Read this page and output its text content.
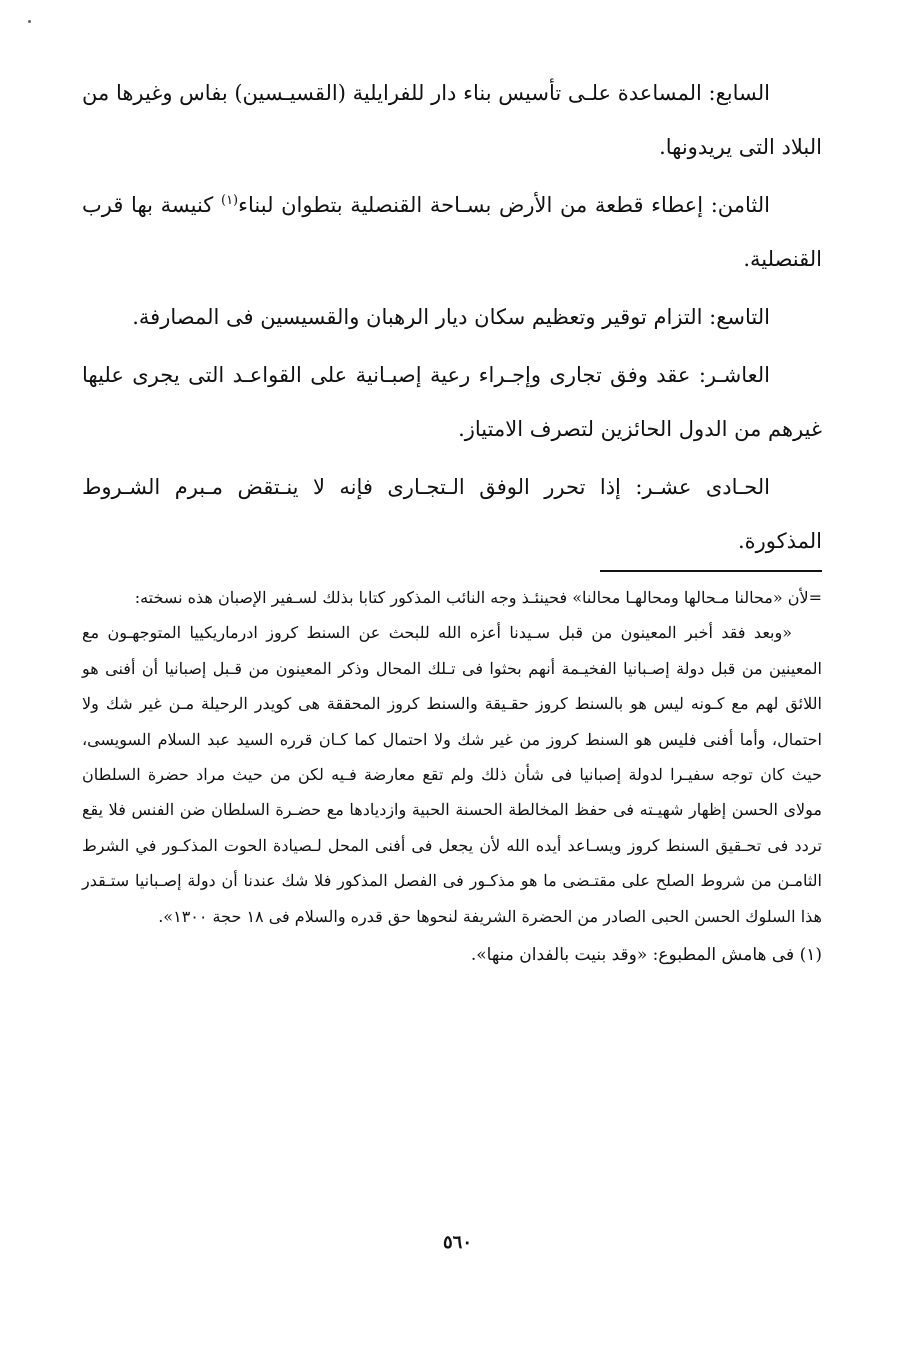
السابع: المساعدة علـى تأسيس بناء دار للفرايلية (القسيـسين) بفاس وغيرها من البلاد التى يريدونها.

الثامن: إعطاء قطعة من الأرض بسـاحة القنصلية بتطوان لبناء$^{(١)}$ كنيسة بها قرب القنصلية.

التاسع: التزام توقير وتعظيم سكان ديار الرهبان والقسيسين فى المصارفة.

العاشـر: عقد وفق تجارى وإجـراء رعية إصبـانية على القواعـد التى يجرى عليها غيرهم من الدول الحائزين لتصرف الامتياز.

الحـادى عشـر: إذا تحرر الوفق الـتجـارى فإنه لا ينـتقض مـبرم الشـروط المذكورة.

=لأن «محالنا مـحالها ومحالهـا محالنا» فحينئـذ وجه النائب المذكور كتابا بذلك لسـفير الإصبان هذه نسخته:

«وبعد فقد أخبر المعينون من قبل سـيدنا أعزه الله للبحث عن السنط كروز ادرماريكييا المتوجهـون مع المعينين من قبل دولة إصـبانيا الفخيـمة أنهم بحثوا فى تـلك المحال وذكر المعينون من قـبل إصبانيا أن أفنى هو اللائق لهم مع كـونه ليس هو بالسنط كروز حقـيقة والسنط كروز المحققة هى كويدر الرحيلة مـن غير شك ولا احتمال، وأما أفنى فليس هو السنط كروز من غير شك ولا احتمال كما كـان قرره السيد عبد السلام السويسى، حيث كان توجه سفيـرا لدولة إصبانيا فى شأن ذلك ولم تقع معارضة فـيه لكن من حيث مراد حضرة السلطان مولاى الحسن إظهار شهيـته فى حفظ المخالطة الحسنة الحبية وازديادها مع حضـرة السلطان ضن الفنس فلا يقع تردد فى تحـقيق السنط كروز ويسـاعد أيده الله لأن يجعل فى أفنى المحل لـصيادة الحوت المذكـور في الشرط الثامـن من شروط الصلح على مقتـضى ما هو مذكـور فى الفصل المذكور فلا شك عندنا أن دولة إصـبانيا ستـقدر هذا السلوك الحسن الحبى الصادر من الحضرة الشريفة لنحوها حق قدره والسلام فى ١٨ حجة ١٣٠٠».

(١) فى هامش المطبوع: «وقد بنيت بالفدان منها».

٥٦٠
